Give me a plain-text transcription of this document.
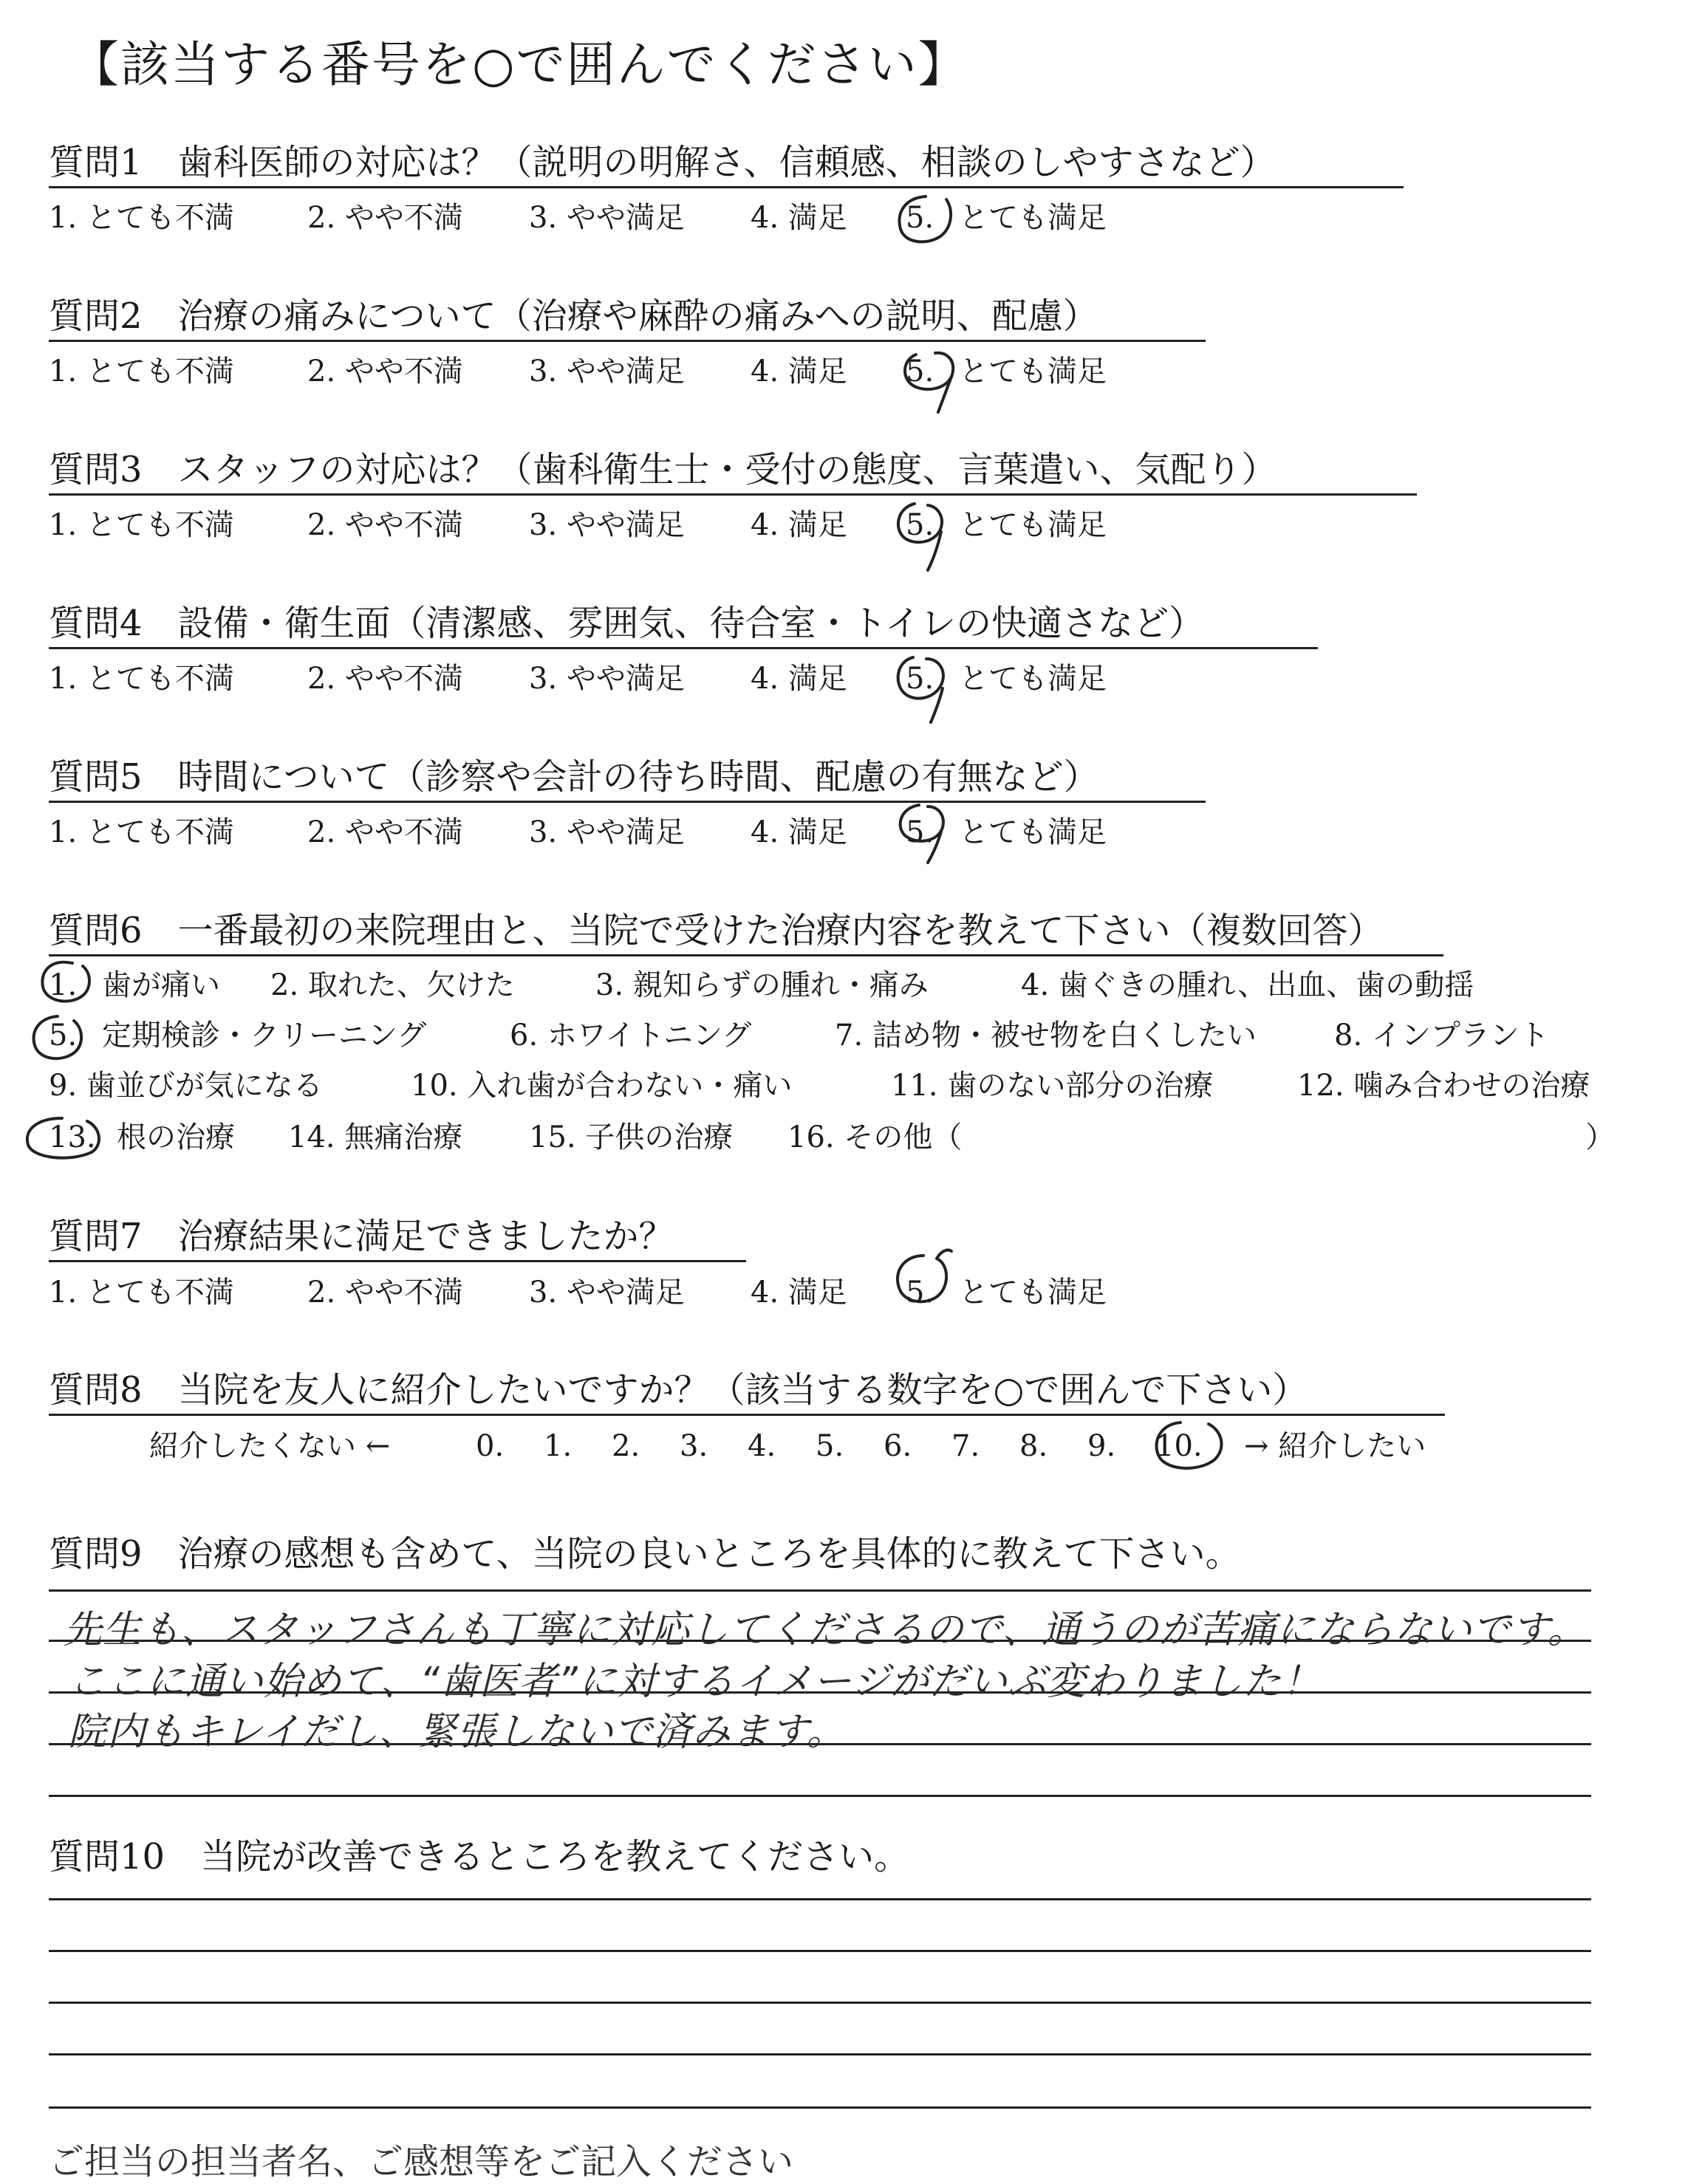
【該当する番号を○で囲んでください】
質問1　歯科医師の対応は？（説明の明解さ、信頼感、相談のしやすさなど）
1. とても不満 2. やや不満 3. やや満足 4. 満足 5. とても満足
質問2　治療の痛みについて（治療や麻酔の痛みへの説明、配慮）
1. とても不満 2. やや不満 3. やや満足 4. 満足 5. とても満足
質問3　スタッフの対応は？（歯科衛生士・受付の態度、言葉遣い、気配り）
1. とても不満 2. やや不満 3. やや満足 4. 満足 5. とても満足
質問4　設備・衛生面（清潔感、雰囲気、待合室・トイレの快適さなど）
1. とても不満 2. やや不満 3. やや満足 4. 満足 5. とても満足
質問5　時間について（診察や会計の待ち時間、配慮の有無など）
1. とても不満 2. やや不満 3. やや満足 4. 満足 5. とても満足
質問6　一番最初の来院理由と、当院で受けた治療内容を教えて下さい（複数回答）
1. 歯が痛い 2. 取れた、欠けた	3. 親知らずの腫れ・痛み	4. 歯ぐきの腫れ、出血、歯の動揺
5. 定期検診・クリーニング	6. ホワイトニング	7. 詰め物・被せ物を白くしたい	8. インプラント
9. 歯並びが気になる	10. 入れ歯が合わない・痛い	11. 歯のない部分の治療	12. 噛み合わせの治療
13. 根の治療 14. 無痛治療 15. 子供の治療 16. その他（	）
質問7　治療結果に満足できましたか？
1. とても不満 2. やや不満 3. やや満足 4. 満足 5. とても満足
質問8　当院を友人に紹介したいですか？（該当する数字を○で囲んで下さい）
紹介したくない ←	0. 1. 2. 3. 4. 5. 6. 7. 8. 9. 10. → 紹介したい
質問9　治療の感想も含めて、当院の良いところを具体的に教えて下さい。
先生も、スタッフさんも丁寧に対応してくださるので、通うのが苦痛にならないです。
ここに通い始めて、“歯医者”に対するイメージがだいぶ変わりました！
院内もキレイだし、緊張しないで済みます。
質問10　当院が改善できるところを教えてください。
ご担当の担当者名、ご感想等をご記入ください
